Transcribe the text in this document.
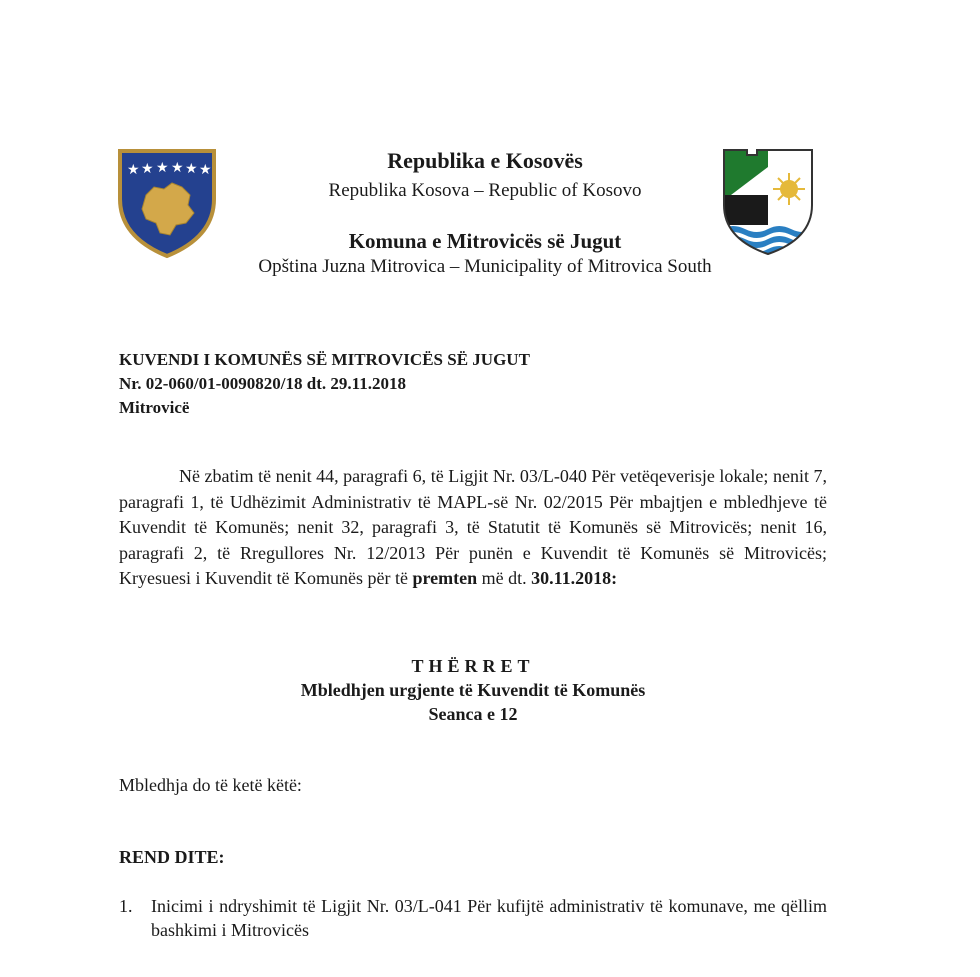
★ ★ ★ ★ ★ ★	Republika e Kosovës
Republika Kosova – Republic of Kosovo
Komuna e Mitrovicës së Jugut
Opština Juzna Mitrovica – Municipality of Mitrovica South
KUVENDI I KOMUNËS SË MITROVICËS SË JUGUT
Nr. 02-060/01-0090820/18 dt. 29.11.2018
Mitrovicë
Në zbatim të nenit 44, paragrafi 6, të Ligjit Nr. 03/L-040 Për vetëqeverisje lokale; nenit 7, paragrafi 1, të Udhëzimit Administrativ të MAPL-së Nr. 02/2015 Për mbajtjen e mbledhjeve të Kuvendit të Komunës; nenit 32, paragrafi 3, të Statutit të Komunës së Mitrovicës; nenit 16, paragrafi 2, të Rregullores Nr. 12/2013 Për punën e Kuvendit të Komunës së Mitrovicës; Kryesuesi i Kuvendit të Komunës për të premten më dt. 30.11.2018:
THËRRET
Mbledhjen urgjente të Kuvendit të Komunës
Seanca e 12
Mbledhja do të ketë këtë:
REND DITE:
1. Inicimi i ndryshimit të Ligjit Nr. 03/L-041 Për kufijtë administrativ të komunave, me qëllim bashkimi i Mitrovicës
